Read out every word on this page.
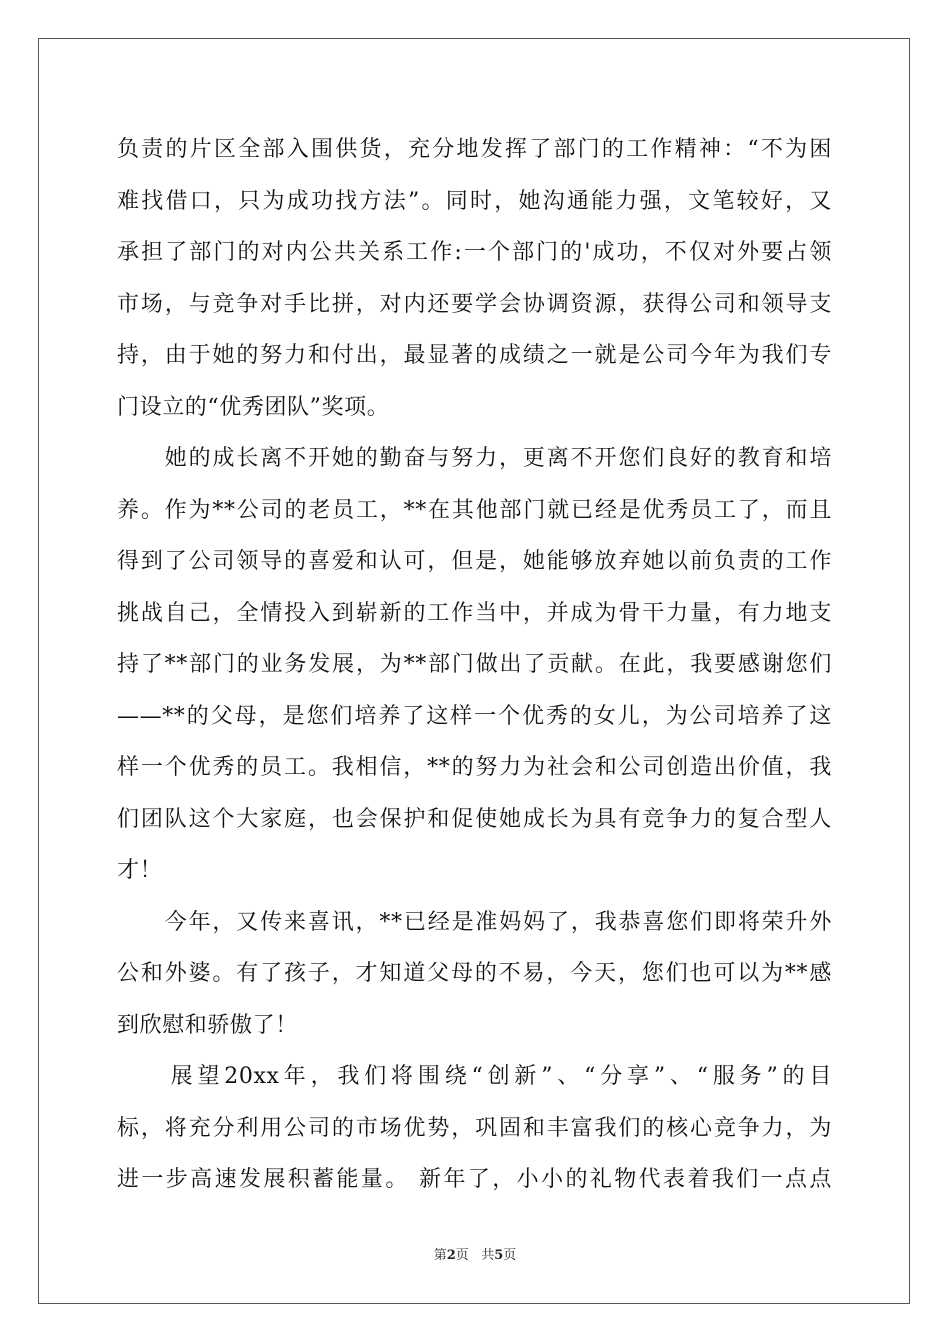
负责的片区全部入围供货，充分地发挥了部门的工作精神：“不为困
难找借口，只为成功找方法”。同时，她沟通能力强，文笔较好，又
承担了部门的对内公共关系工作:一个部门的'成功，不仅对外要占领
市场，与竞争对手比拼，对内还要学会协调资源，获得公司和领导支
持，由于她的努力和付出，最显著的成绩之一就是公司今年为我们专
门设立的“优秀团队”奖项。
　　她的成长离不开她的勤奋与努力，更离不开您们良好的教育和培
养。作为**公司的老员工，**在其他部门就已经是优秀员工了，而且
得到了公司领导的喜爱和认可，但是，她能够放弃她以前负责的工作
挑战自己，全情投入到崭新的工作当中，并成为骨干力量，有力地支
持了**部门的业务发展，为**部门做出了贡献。在此，我要感谢您们
——**的父母，是您们培养了这样一个优秀的女儿，为公司培养了这
样一个优秀的员工。我相信，**的努力为社会和公司创造出价值，我
们团队这个大家庭，也会保护和促使她成长为具有竞争力的复合型人
才！
　　今年，又传来喜讯，**已经是准妈妈了，我恭喜您们即将荣升外
公和外婆。有了孩子，才知道父母的不易，今天，您们也可以为**感
到欣慰和骄傲了！
　　展望20xx年，我们将围绕“创新”、“分享”、“服务”的目
标，将充分利用公司的市场优势，巩固和丰富我们的核心竞争力，为
进一步高速发展积蓄能量。 新年了，小小的礼物代表着我们一点点
第2页 共5页
